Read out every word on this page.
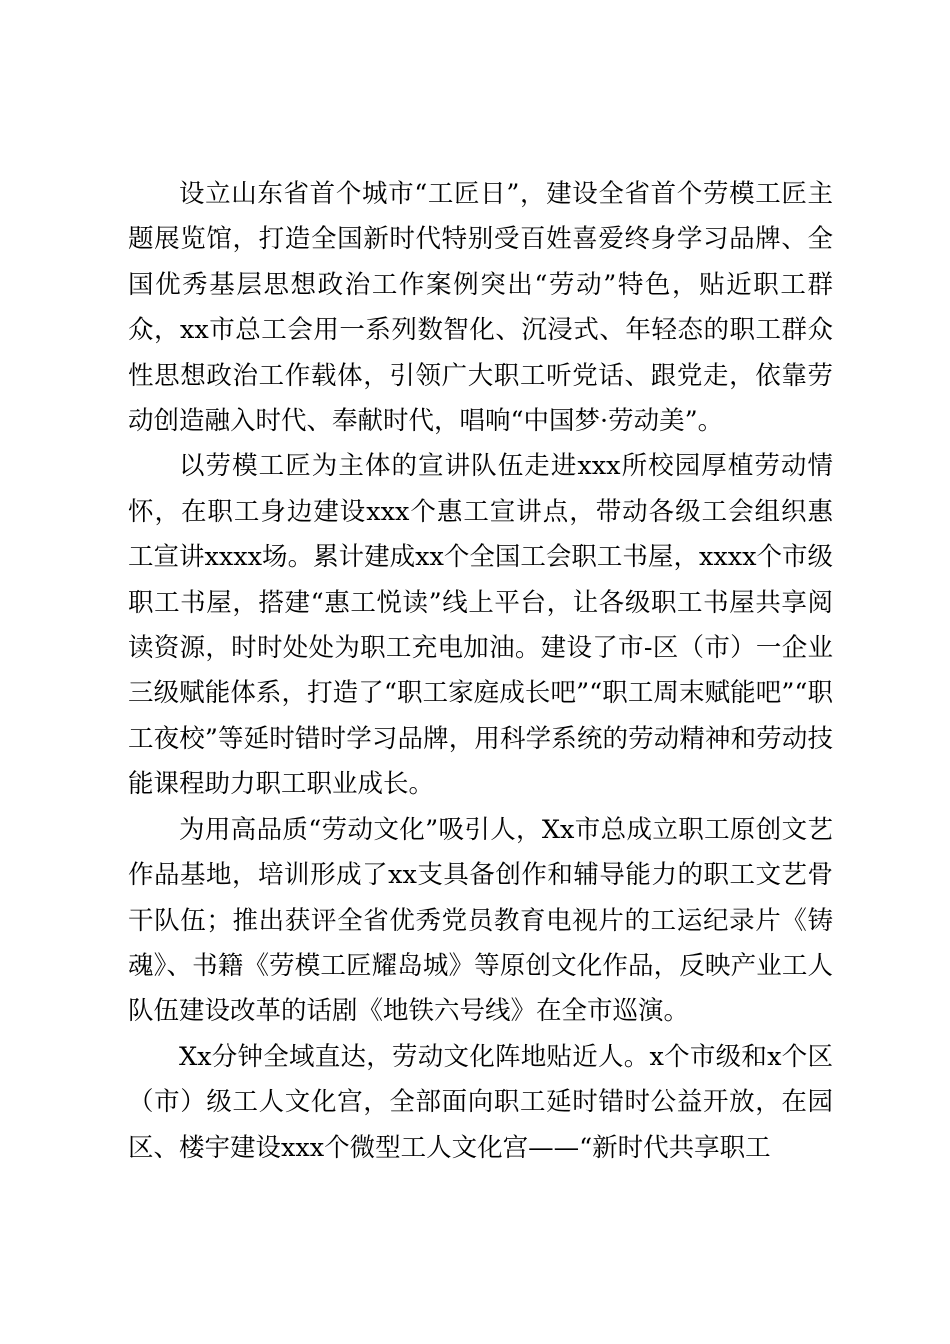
设立山东省首个城市“工匠日”，建设全省首个劳模工匠主题展览馆，打造全国新时代特别受百姓喜爱终身学习品牌、全国优秀基层思想政治工作案例突出“劳动”特色，贴近职工群众，xx市总工会用一系列数智化、沉浸式、年轻态的职工群众性思想政治工作载体，引领广大职工听党话、跟党走，依靠劳动创造融入时代、奉献时代，唱响“中国梦·劳动美”。

以劳模工匠为主体的宣讲队伍走进xxx所校园厚植劳动情怀，在职工身边建设xxx个惠工宣讲点，带动各级工会组织惠工宣讲xxxx场。累计建成xx个全国工会职工书屋，xxxx个市级职工书屋，搭建“惠工悦读”线上平台，让各级职工书屋共享阅读资源，时时处处为职工充电加油。建设了市-区（市）一企业三级赋能体系，打造了“职工家庭成长吧”“职工周末赋能吧”“职工夜校”等延时错时学习品牌，用科学系统的劳动精神和劳动技能课程助力职工职业成长。

为用高品质“劳动文化”吸引人，Xx市总成立职工原创文艺作品基地，培训形成了xx支具备创作和辅导能力的职工文艺骨干队伍；推出获评全省优秀党员教育电视片的工运纪录片《铸魂》、书籍《劳模工匠耀岛城》等原创文化作品，反映产业工人队伍建设改革的话剧《地铁六号线》在全市巡演。

Xx分钟全域直达，劳动文化阵地贴近人。x个市级和x个区（市）级工人文化宫，全部面向职工延时错时公益开放，在园区、楼宇建设xxx个微型工人文化宫——“新时代共享职工
